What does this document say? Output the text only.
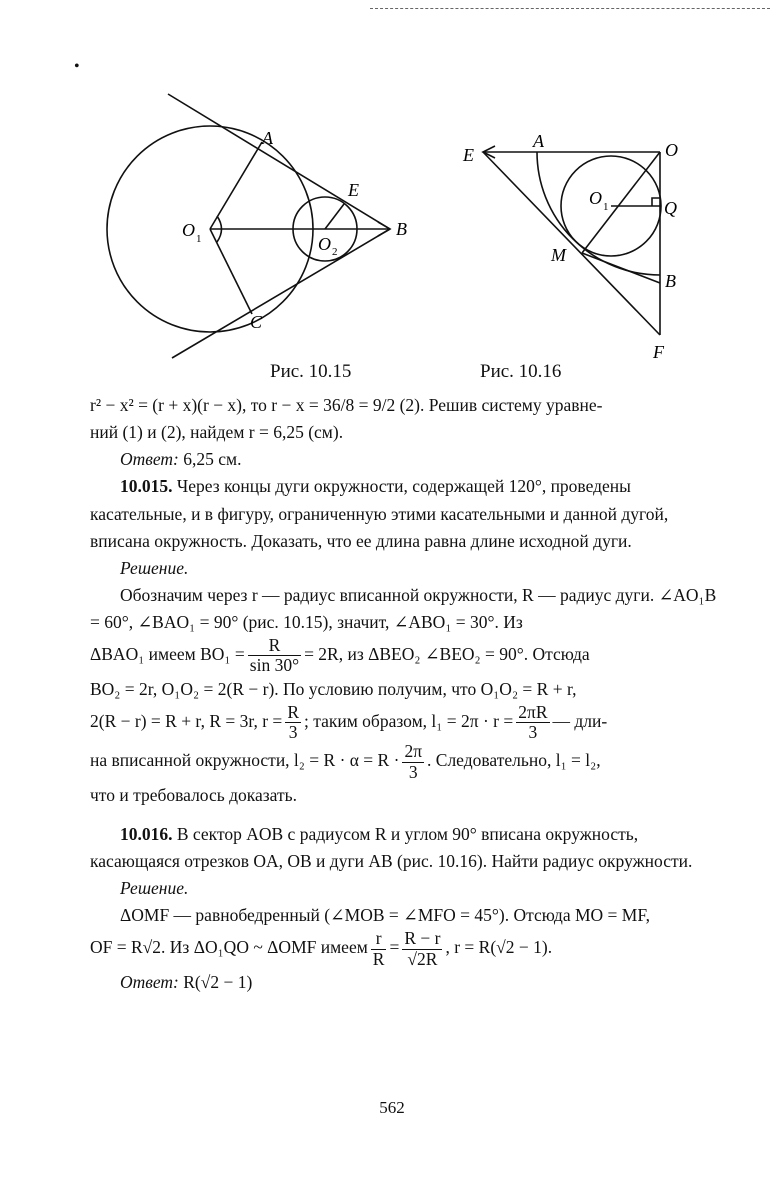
•
A
E
O 1	O 2
B
C
Рис. 10.15
E
A	O
O 1	Q
M
B
F
Рис. 10.16

r² − x² = (r + x)(r − x), то r − x = 36/8 = 9/2 (2). Решив систему уравне-

ний (1) и (2), найдем r = 6,25 (см).

Ответ: 6,25 см.

10.015. Через концы дуги окружности, содержащей 120°, проведены касательные, и в фигуру, ограниченную этими касательными и данной дугой, вписана окружность. Доказать, что ее длина равна длине исходной дуги.

Решение.

Обозначим через r — радиус вписанной окружности, R — радиус дуги. ∠AO₁B = 60°, ∠BAO₁ = 90° (рис. 10.15), значит, ∠ABO₁ = 30°. Из

ΔBAO₁ имеем $BO_1 = \frac{R}{\sin 30^\circ} = 2R$, из ΔBEO₂ ∠BEO₂ = 90°. Отсюда

BO₂ = 2r, O₁O₂ = 2(R − r). По условию получим, что O₁O₂ = R + r,

2(R − r) = R + r, R = 3r, $r = \frac{R}{3}$ ; таким образом, $l_1 = 2\pi \cdot r = \frac{2\pi R}{3}$ — дли-

на вписанной окружности, $l_2 = R \cdot \alpha = R \cdot \frac{2\pi}{3}$ . Следовательно, l₁ = l₂,

что и требовалось доказать.

10.016. В сектор AOB с радиусом R и углом 90° вписана окружность, касающаяся отрезков OA, OB и дуги AB (рис. 10.16). Найти радиус окружности.

Решение.

ΔOMF — равнобедренный (∠MOB = ∠MFO = 45°). Отсюда MO = MF,

OF = R√2. Из ΔO₁QO ~ ΔOMF имеем $\frac{r}{R} = \frac{R - r}{√2R}$ , r = R(√2 − 1).

Ответ: R(√2 − 1)

562
